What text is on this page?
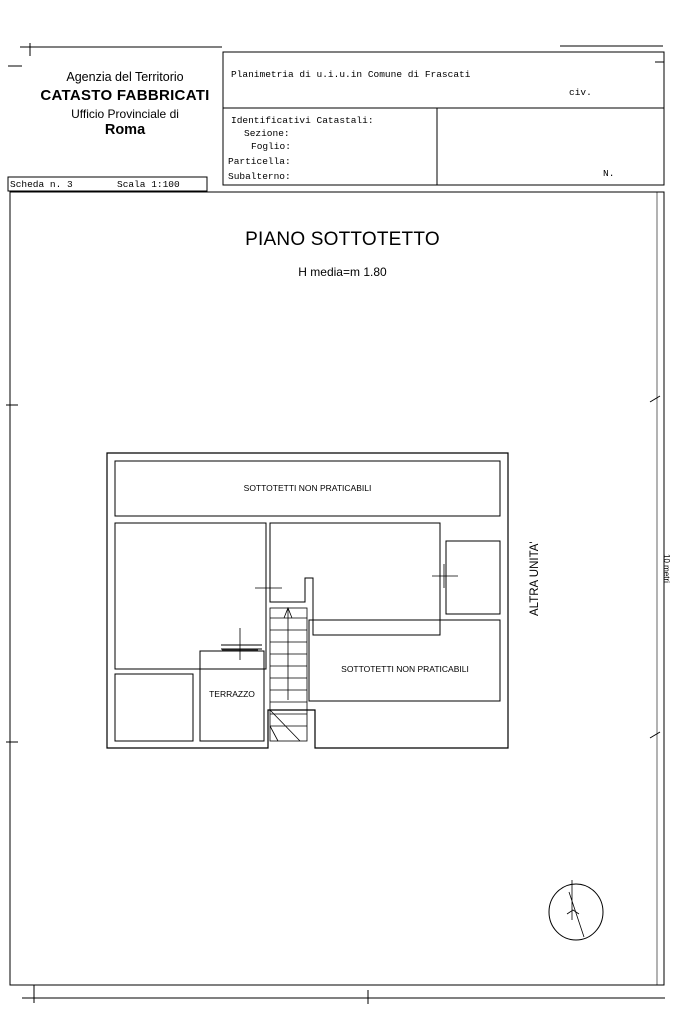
Agenzia del Territorio
CATASTO FABBRICATI
Ufficio Provinciale di
Roma
Planimetria di u.i.u.in Comune di Frascati
civ.
Identificativi Catastali:
Sezione:
Foglio:
Particella:
Subalterno:	N.
Scheda n. 3	Scala 1:100
PIANO SOTTOTETTO
H media=m 1.80
SOTTOTETTI NON PRATICABILI
SOTTOTETTI NON PRATICABILI
TERRAZZO
ALTRA UNITA'	10 metri
